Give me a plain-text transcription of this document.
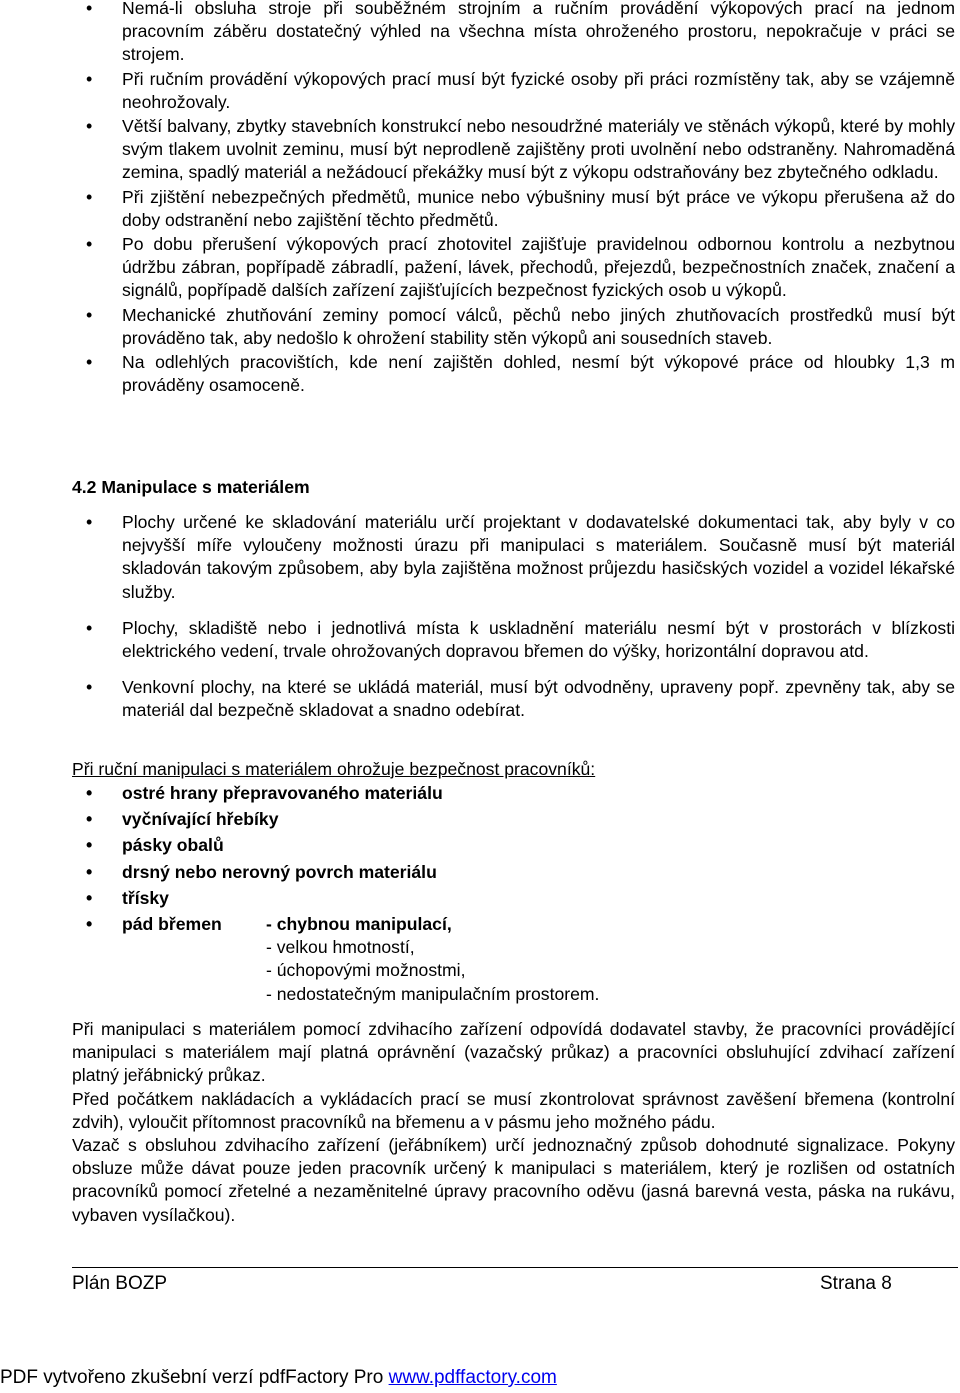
• Nemá-li obsluha stroje při souběžném strojním a ručním provádění výkopových prací na jednom pracovním záběru dostatečný výhled na všechna místa ohroženého prostoru, nepokračuje v práci se strojem.
• Při ručním provádění výkopových prací musí být fyzické osoby při práci rozmístěny tak, aby se vzájemně neohrožovaly.
• Větší balvany, zbytky stavebních konstrukcí nebo nesoudržné materiály ve stěnách výkopů, které by mohly svým tlakem uvolnit zeminu, musí být neprodleně zajištěny proti uvolnění nebo odstraněny. Nahromaděná zemina, spadlý materiál a nežádoucí překážky musí být z výkopu odstraňovány bez zbytečného odkladu.
• Při zjištění nebezpečných předmětů, munice nebo výbušniny musí být práce ve výkopu přerušena až do doby odstranění nebo zajištění těchto předmětů.
• Po dobu přerušení výkopových prací zhotovitel zajišťuje pravidelnou odbornou kontrolu a nezbytnou údržbu zábran, popřípadě zábradlí, pažení, lávek, přechodů, přejezdů, bezpečnostních značek, značení a signálů, popřípadě dalších zařízení zajišťujících bezpečnost fyzických osob u výkopů.
• Mechanické zhutňování zeminy pomocí válců, pěchů nebo jiných zhutňovacích prostředků musí být prováděno tak, aby nedošlo k ohrožení stability stěn výkopů ani sousedních staveb.
• Na odlehlých pracovištích, kde není zajištěn dohled, nesmí být výkopové práce od hloubky 1,3 m prováděny osamoceně.
4.2 Manipulace s materiálem
• Plochy určené ke skladování materiálu určí projektant v dodavatelské dokumentaci tak, aby byly v co nejvyšší míře vyloučeny možnosti úrazu při manipulaci s materiálem. Současně musí být materiál skladován takovým způsobem, aby byla zajištěna možnost průjezdu hasičských vozidel a vozidel lékařské služby.
• Plochy, skladiště nebo i jednotlivá místa k uskladnění materiálu nesmí být v prostorách v blízkosti elektrického vedení, trvale ohrožovaných dopravou břemen do výšky, horizontální dopravou atd.
• Venkovní plochy, na které se ukládá materiál, musí být odvodněny, upraveny popř. zpevněny tak, aby se materiál dal bezpečně skladovat a snadno odebírat.
Při ruční manipulaci s materiálem ohrožuje bezpečnost pracovníků:
• ostré hrany přepravovaného materiálu
• vyčnívající hřebíky
• pásky obalů
• drsný nebo nerovný povrch materiálu
• třísky
• pád břemen	- chybnou manipulací,
- velkou hmotností,
- úchopovými možnostmi,
- nedostatečným manipulačním prostorem.

Při manipulaci s materiálem pomocí zdvihacího zařízení odpovídá dodavatel stavby, že pracovníci provádějící manipulaci s materiálem mají platná oprávnění (vazačský průkaz) a pracovníci obsluhující zdvihací zařízení platný jeřábnický průkaz.

Před počátkem nakládacích a vykládacích prací se musí zkontrolovat správnost zavěšení břemena (kontrolní zdvih), vyloučit přítomnost pracovníků na břemenu a v pásmu jeho možného pádu.

Vazač s obsluhou zdvihacího zařízení (jeřábníkem) určí jednoznačný způsob dohodnuté signalizace. Pokyny obsluze může dávat pouze jeden pracovník určený k manipulaci s materiálem, který je rozlišen od ostatních pracovníků pomocí zřetelné a nezaměnitelné úpravy pracovního oděvu (jasná barevná vesta, páska na rukávu, vybaven vysílačkou).

Plán BOZP	Strana 8
PDF vytvořeno zkušební verzí pdfFactory Pro www.pdffactory.com
